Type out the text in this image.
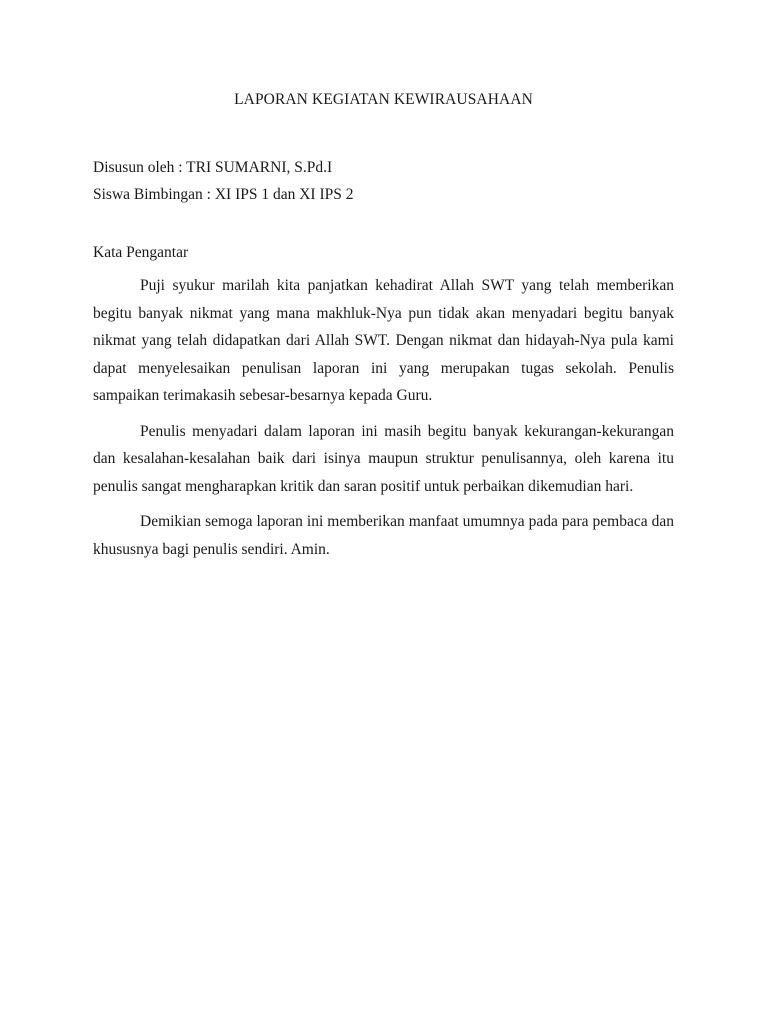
LAPORAN KEGIATAN KEWIRAUSAHAAN
Disusun oleh : TRI SUMARNI, S.Pd.I
Siswa Bimbingan : XI IPS 1 dan XI IPS 2
Kata Pengantar

Puji syukur marilah kita panjatkan kehadirat Allah SWT yang telah memberikan begitu banyak nikmat yang mana makhluk-Nya pun tidak akan menyadari begitu banyak nikmat yang telah didapatkan dari Allah SWT. Dengan nikmat dan hidayah-Nya pula kami dapat menyelesaikan penulisan laporan ini yang merupakan tugas sekolah. Penulis sampaikan terimakasih sebesar-besarnya kepada Guru.

Penulis menyadari dalam laporan ini masih begitu banyak kekurangan-kekurangan dan kesalahan-kesalahan baik dari isinya maupun struktur penulisannya, oleh karena itu penulis sangat mengharapkan kritik dan saran positif untuk perbaikan dikemudian hari.

Demikian semoga laporan ini memberikan manfaat umumnya pada para pembaca dan khususnya bagi penulis sendiri. Amin.
